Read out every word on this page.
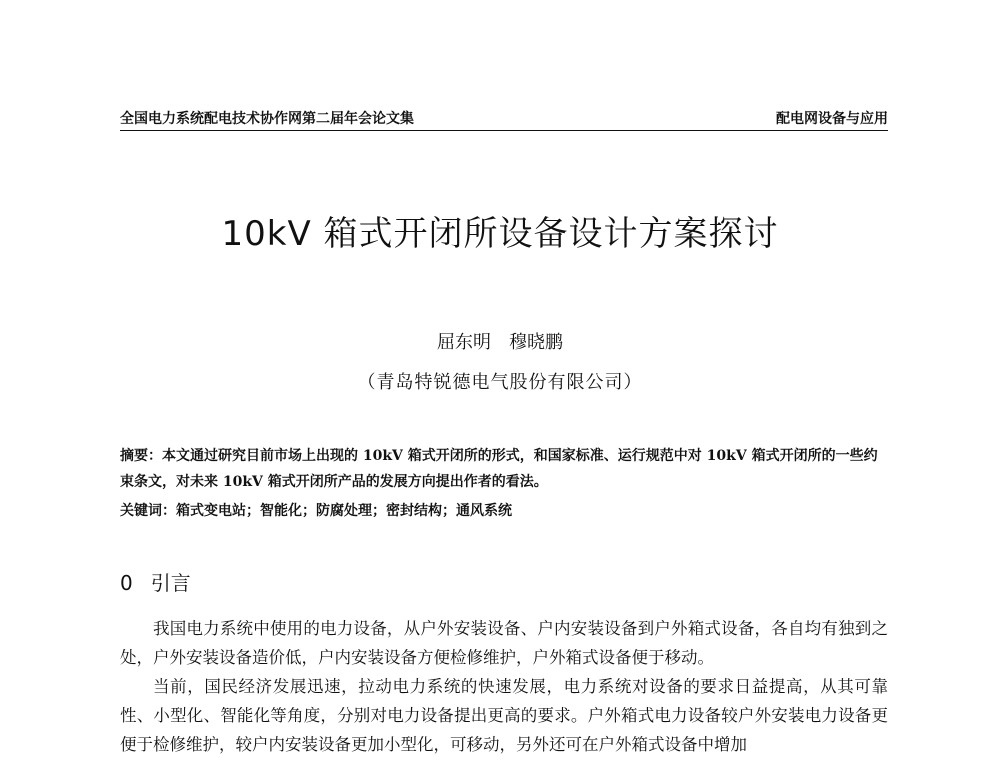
全国电力系统配电技术协作网第二届年会论文集	配电网设备与应用
10kV 箱式开闭所设备设计方案探讨
屈东明　穆晓鹏
（青岛特锐德电气股份有限公司）
摘要：本文通过研究目前市场上出现的 10kV 箱式开闭所的形式，和国家标准、运行规范中对 10kV 箱式开闭所的一些约束条文，对未来 10kV 箱式开闭所产品的发展方向提出作者的看法。
关键词：箱式变电站 ； 智能化 ； 防腐处理 ； 密封结构 ； 通风系统
0 引言

我国电力系统中使用的电力设备，从户外安装设备、户内安装设备到户外箱式设备，各自均有独到之处，户外安装设备造价低，户内安装设备方便检修维护，户外箱式设备便于移动。

当前，国民经济发展迅速，拉动电力系统的快速发展，电力系统对设备的要求日益提高，从其可靠性、小型化、智能化等角度，分别对电力设备提出更高的要求。户外箱式电力设备较户外安装电力设备更便于检修维护，较户内安装设备更加小型化，可移动，另外还可在户外箱式设备中增加
